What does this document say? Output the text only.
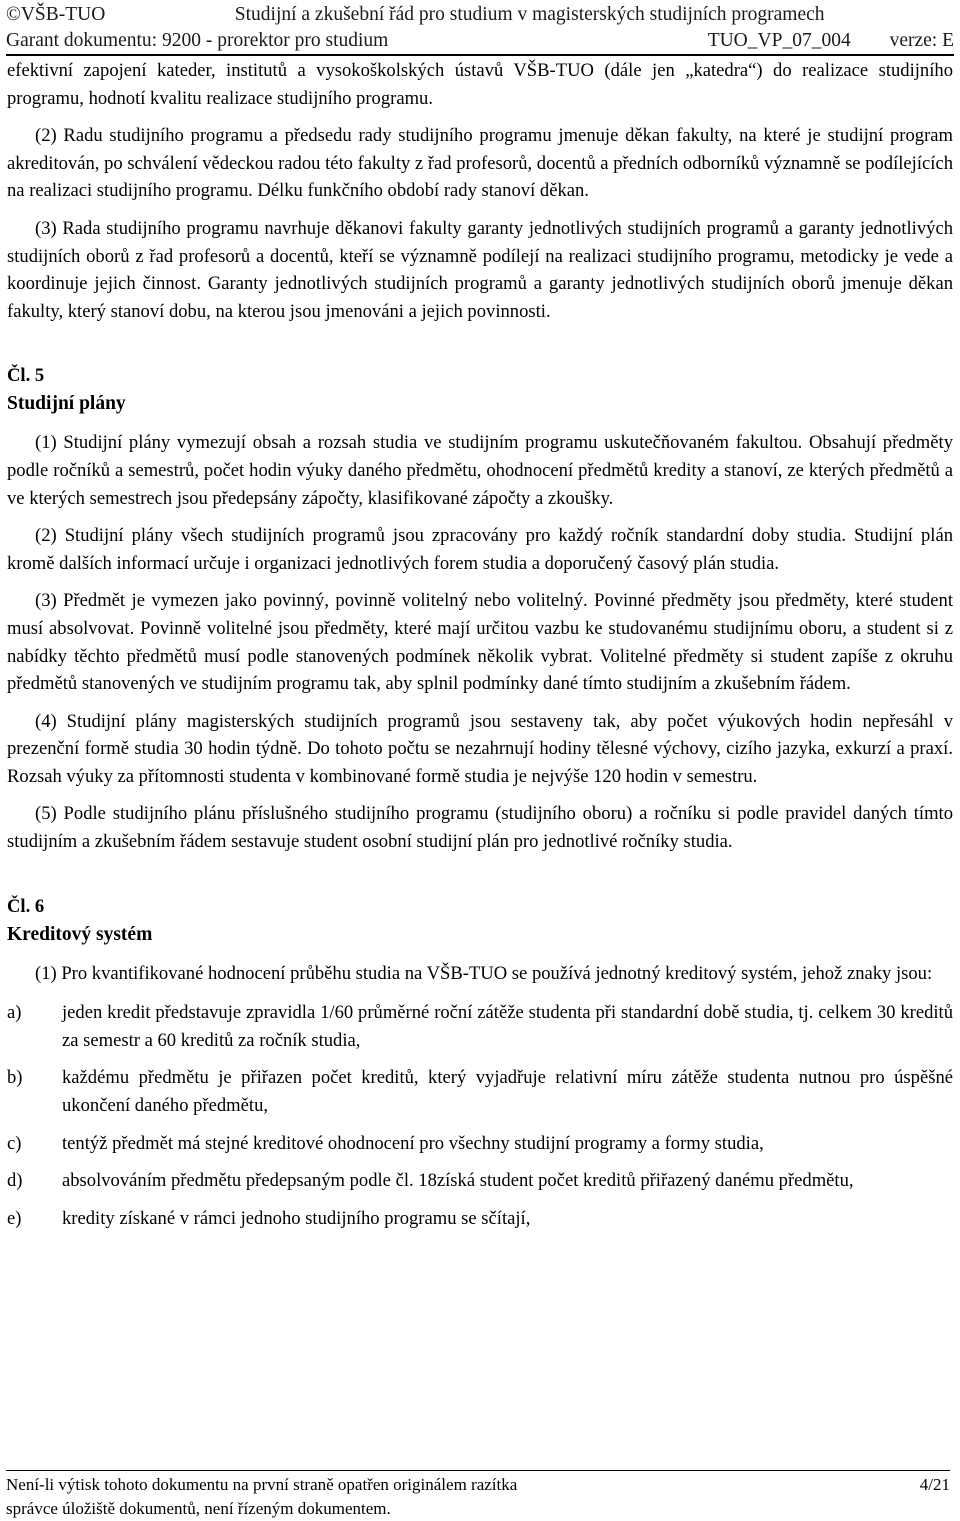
©VŠB-TUO	Studijní a zkušební řád pro studium v magisterských studijních programech
Garant dokumentu: 9200 - prorektor pro studium	TUO_VP_07_004 verze: E

efektivní zapojení kateder, institutů a vysokoškolských ústavů VŠB-TUO (dále jen „katedra“) do realizace studijního programu, hodnotí kvalitu realizace studijního programu.

(2) Radu studijního programu a předsedu rady studijního programu jmenuje děkan fakulty, na které je studijní program akreditován, po schválení vědeckou radou této fakulty z řad profesorů, docentů a předních odborníků významně se podílejících na realizaci studijního programu. Délku funkčního období rady stanoví děkan.

(3) Rada studijního programu navrhuje děkanovi fakulty garanty jednotlivých studijních programů a garanty jednotlivých studijních oborů z řad profesorů a docentů, kteří se významně podílejí na realizaci studijního programu, metodicky je vede a koordinuje jejich činnost. Garanty jednotlivých studijních programů a garanty jednotlivých studijních oborů jmenuje děkan fakulty, který stanoví dobu, na kterou jsou jmenováni a jejich povinnosti.

Čl. 5

Studijní plány

(1) Studijní plány vymezují obsah a rozsah studia ve studijním programu uskutečňovaném fakultou. Obsahují předměty podle ročníků a semestrů, počet hodin výuky daného předmětu, ohodnocení předmětů kredity a stanoví, ze kterých předmětů a ve kterých semestrech jsou předepsány zápočty, klasifikované zápočty a zkoušky.

(2) Studijní plány všech studijních programů jsou zpracovány pro každý ročník standardní doby studia. Studijní plán kromě dalších informací určuje i organizaci jednotlivých forem studia a doporučený časový plán studia.

(3) Předmět je vymezen jako povinný, povinně volitelný nebo volitelný. Povinné předměty jsou předměty, které student musí absolvovat. Povinně volitelné jsou předměty, které mají určitou vazbu ke studovanému studijnímu oboru, a student si z nabídky těchto předmětů musí podle stanovených podmínek několik vybrat. Volitelné předměty si student zapíše z okruhu předmětů stanovených ve studijním programu tak, aby splnil podmínky dané tímto studijním a zkušebním řádem.

(4) Studijní plány magisterských studijních programů jsou sestaveny tak, aby počet výukových hodin nepřesáhl v prezenční formě studia 30 hodin týdně. Do tohoto počtu se nezahrnují hodiny tělesné výchovy, cizího jazyka, exkurzí a praxí. Rozsah výuky za přítomnosti studenta v kombinované formě studia je nejvýše 120 hodin v semestru.

(5) Podle studijního plánu příslušného studijního programu (studijního oboru) a ročníku si podle pravidel daných tímto studijním a zkušebním řádem sestavuje student osobní studijní plán pro jednotlivé ročníky studia.

Čl. 6

Kreditový systém

(1) Pro kvantifikované hodnocení průběhu studia na VŠB-TUO se používá jednotný kreditový systém, jehož znaky jsou:

a)	jeden kredit představuje zpravidla 1/60 průměrné roční zátěže studenta při standardní době studia, tj. celkem 30 kreditů za semestr a 60 kreditů za ročník studia,
b)	každému předmětu je přiřazen počet kreditů, který vyjadřuje relativní míru zátěže studenta nutnou pro úspěšné ukončení daného předmětu,
c)	tentýž předmět má stejné kreditové ohodnocení pro všechny studijní programy a formy studia,
d)	absolvováním předmětu předepsaným podle čl. 18získá student počet kreditů přiřazený danému předmětu,
e)	kredity získané v rámci jednoho studijního programu se sčítají,
Není-li výtisk tohoto dokumentu na první straně opatřen originálem razítka	4/21
správce úložiště dokumentů, není řízeným dokumentem.
